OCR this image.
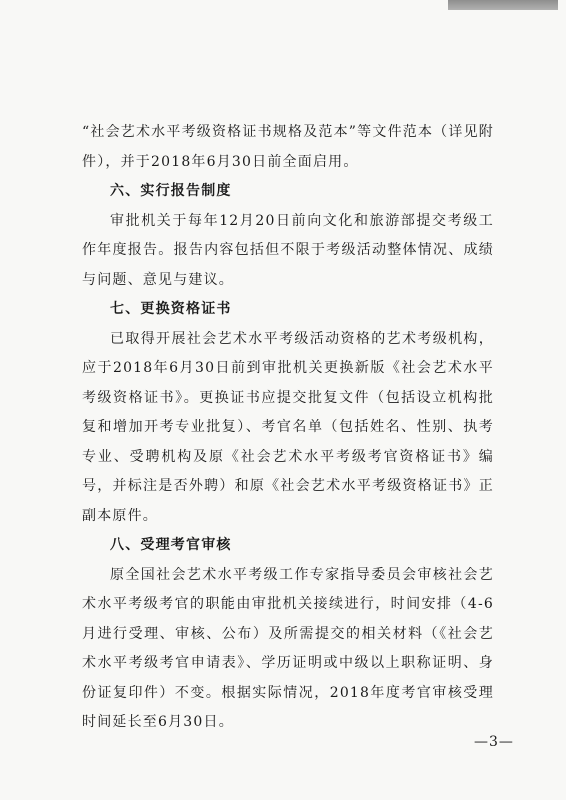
“社会艺术水平考级资格证书规格及范本”等文件范本（详见附件），并于2018年6月30日前全面启用。

六、实行报告制度

审批机关于每年12月20日前向文化和旅游部提交考级工作年度报告。报告内容包括但不限于考级活动整体情况、成绩与问题、意见与建议。

七、更换资格证书

已取得开展社会艺术水平考级活动资格的艺术考级机构，应于2018年6月30日前到审批机关更换新版《社会艺术水平考级资格证书》。更换证书应提交批复文件（包括设立机构批复和增加开考专业批复）、考官名单（包括姓名、性别、执考专业、受聘机构及原《社会艺术水平考级考官资格证书》编号，并标注是否外聘）和原《社会艺术水平考级资格证书》正副本原件。

八、受理考官审核

原全国社会艺术水平考级工作专家指导委员会审核社会艺术水平考级考官的职能由审批机关接续进行，时间安排（4-6月进行受理、审核、公布）及所需提交的相关材料（《社会艺术水平考级考官申请表》、学历证明或中级以上职称证明、身份证复印件）不变。根据实际情况，2018年度考官审核受理时间延长至6月30日。

—3—
